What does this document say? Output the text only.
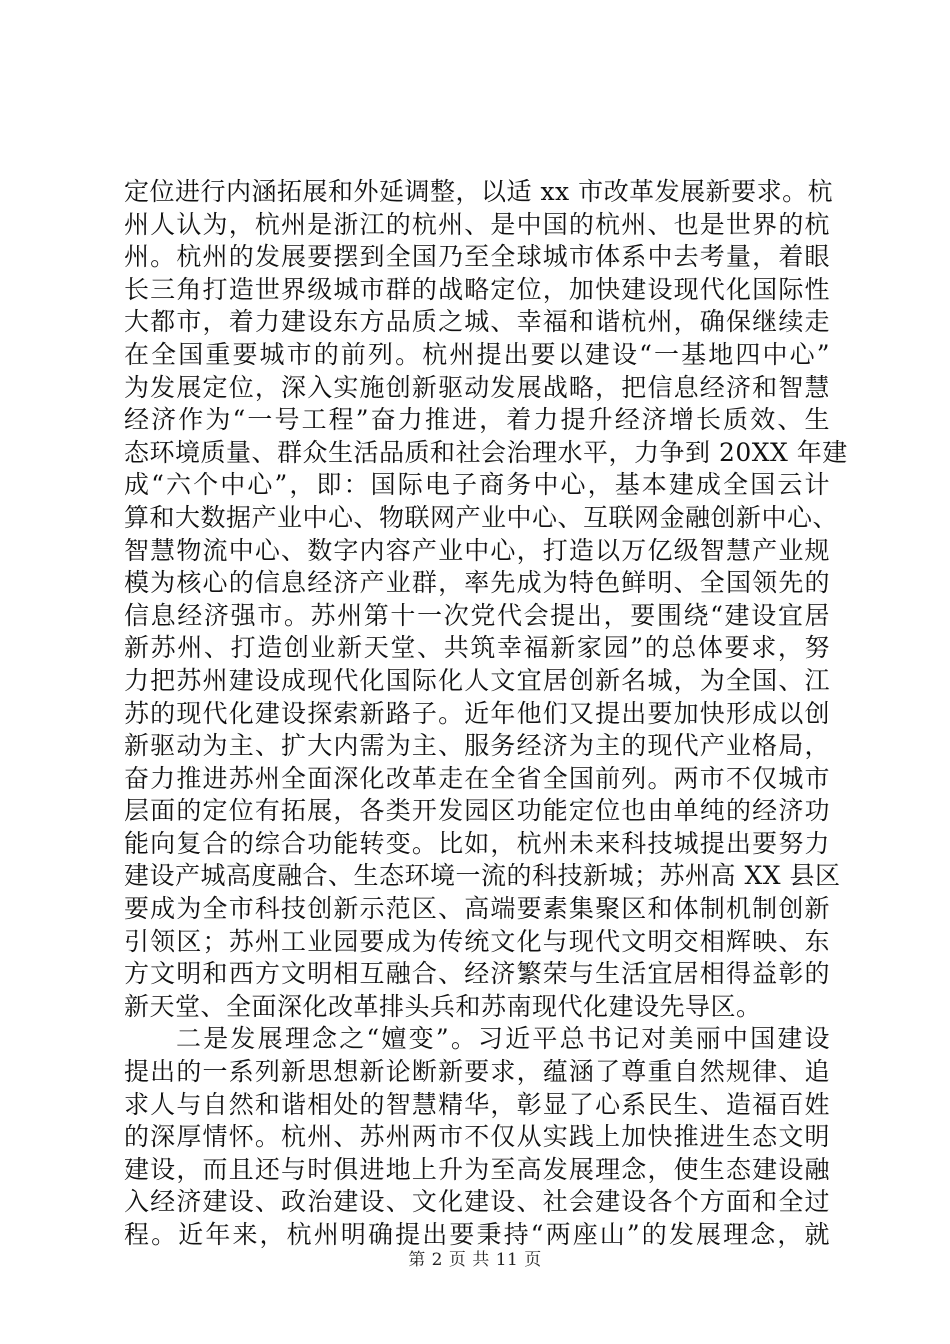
定位进行内涵拓展和外延调整，以适 xx 市改革发展新要求。杭
州人认为，杭州是浙江的杭州、是中国的杭州、也是世界的杭
州。杭州的发展要摆到全国乃至全球城市体系中去考量，着眼
长三角打造世界级城市群的战略定位，加快建设现代化国际性
大都市，着力建设东方品质之城、幸福和谐杭州，确保继续走
在全国重要城市的前列。杭州提出要以建设“一基地四中心”
为发展定位，深入实施创新驱动发展战略，把信息经济和智慧
经济作为“一号工程”奋力推进，着力提升经济增长质效、生
态环境质量、群众生活品质和社会治理水平，力争到 20XX 年建
成“六个中心”，即：国际电子商务中心，基本建成全国云计
算和大数据产业中心、物联网产业中心、互联网金融创新中心、
智慧物流中心、数字内容产业中心，打造以万亿级智慧产业规
模为核心的信息经济产业群，率先成为特色鲜明、全国领先的
信息经济强市。苏州第十一次党代会提出，要围绕“建设宜居
新苏州、打造创业新天堂、共筑幸福新家园”的总体要求，努
力把苏州建设成现代化国际化人文宜居创新名城，为全国、江
苏的现代化建设探索新路子。近年他们又提出要加快形成以创
新驱动为主、扩大内需为主、服务经济为主的现代产业格局，
奋力推进苏州全面深化改革走在全省全国前列。两市不仅城市
层面的定位有拓展，各类开发园区功能定位也由单纯的经济功
能向复合的综合功能转变。比如，杭州未来科技城提出要努力
建设产城高度融合、生态环境一流的科技新城；苏州高 XX 县区
要成为全市科技创新示范区、高端要素集聚区和体制机制创新
引领区；苏州工业园要成为传统文化与现代文明交相辉映、东
方文明和西方文明相互融合、经济繁荣与生活宜居相得益彰的
新天堂、全面深化改革排头兵和苏南现代化建设先导区。
二是发展理念之“嬗变”。习近平总书记对美丽中国建设
提出的一系列新思想新论断新要求，蕴涵了尊重自然规律、追
求人与自然和谐相处的智慧精华，彰显了心系民生、造福百姓
的深厚情怀。杭州、苏州两市不仅从实践上加快推进生态文明
建设，而且还与时俱进地上升为至高发展理念，使生态建设融
入经济建设、政治建设、文化建设、社会建设各个方面和全过
程。近年来，杭州明确提出要秉持“两座山”的发展理念，就
第 2 页 共 11 页
